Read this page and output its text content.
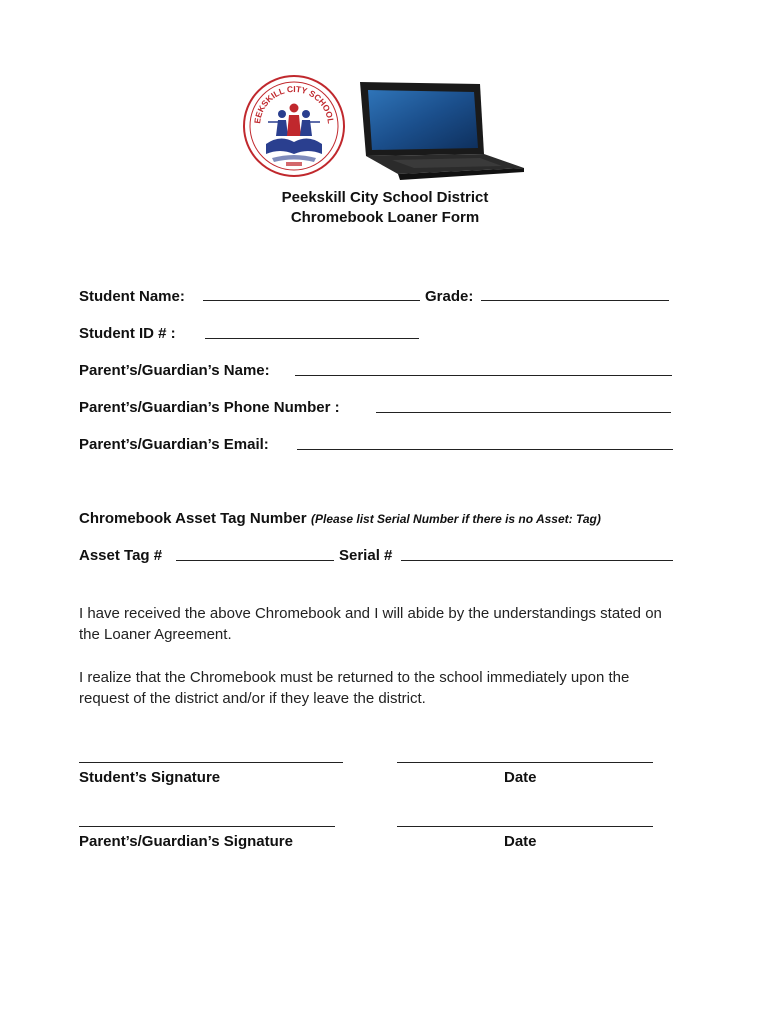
EEKSKILL CITY SCHOOL
Peekskill City School District
Chromebook Loaner Form
Student Name:	Grade:
Student ID # :
Parent’s/Guardian’s Name:
Parent’s/Guardian’s Phone Number :
Parent’s/Guardian’s Email:
Chromebook Asset Tag Number (Please list Serial Number if there is no Asset: Tag)
Asset Tag #	Serial #
I have received the above Chromebook and I will abide by the understandings stated on the Loaner Agreement.
I realize that the Chromebook must be returned to the school immediately upon the request of the district and/or if they leave the district.
Student’s Signature	Date
Parent’s/Guardian’s Signature	Date
